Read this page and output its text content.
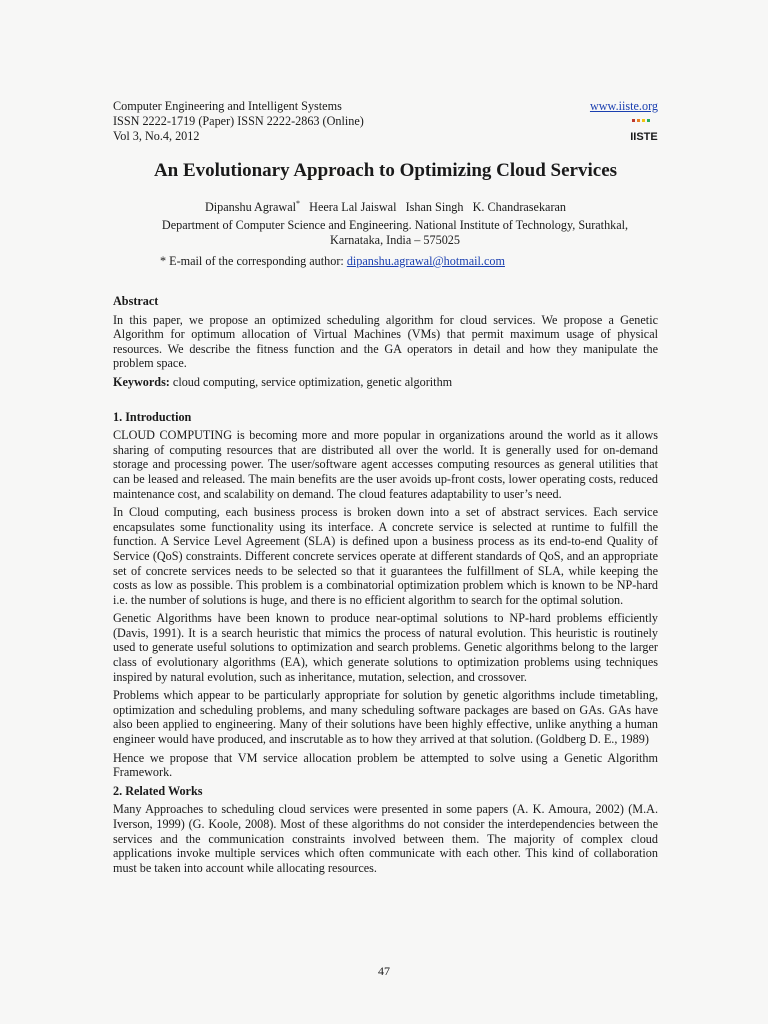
Computer Engineering and Intelligent Systems
ISSN 2222-1719 (Paper) ISSN 2222-2863 (Online)
Vol 3, No.4, 2012
www.iiste.org
IISTE
An Evolutionary Approach to Optimizing Cloud Services
Dipanshu Agrawal* Heera Lal Jaiswal   Ishan Singh   K. Chandrasekaran
Department of Computer Science and Engineering. National Institute of Technology, Surathkal, Karnataka, India – 575025
* E-mail of the corresponding author: dipanshu.agrawal@hotmail.com
Abstract

In this paper, we propose an optimized scheduling algorithm for cloud services. We propose a Genetic Algorithm for optimum allocation of Virtual Machines (VMs) that permit maximum usage of physical resources. We describe the fitness function and the GA operators in detail and how they manipulate the problem space.

Keywords: cloud computing, service optimization, genetic algorithm

1. Introduction

CLOUD COMPUTING is becoming more and more popular in organizations around the world as it allows sharing of computing resources that are distributed all over the world. It is generally used for on-demand storage and processing power. The user/software agent accesses computing resources as general utilities that can be leased and released. The main benefits are the user avoids up-front costs, lower operating costs, reduced maintenance cost, and scalability on demand. The cloud features adaptability to user’s need.

In Cloud computing, each business process is broken down into a set of abstract services. Each service encapsulates some functionality using its interface. A concrete service is selected at runtime to fulfill the function. A Service Level Agreement (SLA) is defined upon a business process as its end-to-end Quality of Service (QoS) constraints. Different concrete services operate at different standards of QoS, and an appropriate set of concrete services needs to be selected so that it guarantees the fulfillment of SLA, while keeping the costs as low as possible. This problem is a combinatorial optimization problem which is known to be NP-hard i.e. the number of solutions is huge, and there is no efficient algorithm to search for the optimal solution.

Genetic Algorithms have been known to produce near-optimal solutions to NP-hard problems efficiently (Davis, 1991). It is a search heuristic that mimics the process of natural evolution. This heuristic is routinely used to generate useful solutions to optimization and search problems. Genetic algorithms belong to the larger class of evolutionary algorithms (EA), which generate solutions to optimization problems using techniques inspired by natural evolution, such as inheritance, mutation, selection, and crossover.

Problems which appear to be particularly appropriate for solution by genetic algorithms include timetabling, optimization and scheduling problems, and many scheduling software packages are based on GAs. GAs have also been applied to engineering. Many of their solutions have been highly effective, unlike anything a human engineer would have produced, and inscrutable as to how they arrived at that solution. (Goldberg D. E., 1989)

Hence we propose that VM service allocation problem be attempted to solve using a Genetic Algorithm Framework.

2. Related Works

Many Approaches to scheduling cloud services were presented in some papers (A. K. Amoura, 2002) (M.A. Iverson, 1999) (G. Koole, 2008). Most of these algorithms do not consider the interdependencies between the services and the communication constraints involved between them. The majority of complex cloud applications invoke multiple services which often communicate with each other. This kind of collaboration must be taken into account while allocating resources.

47
